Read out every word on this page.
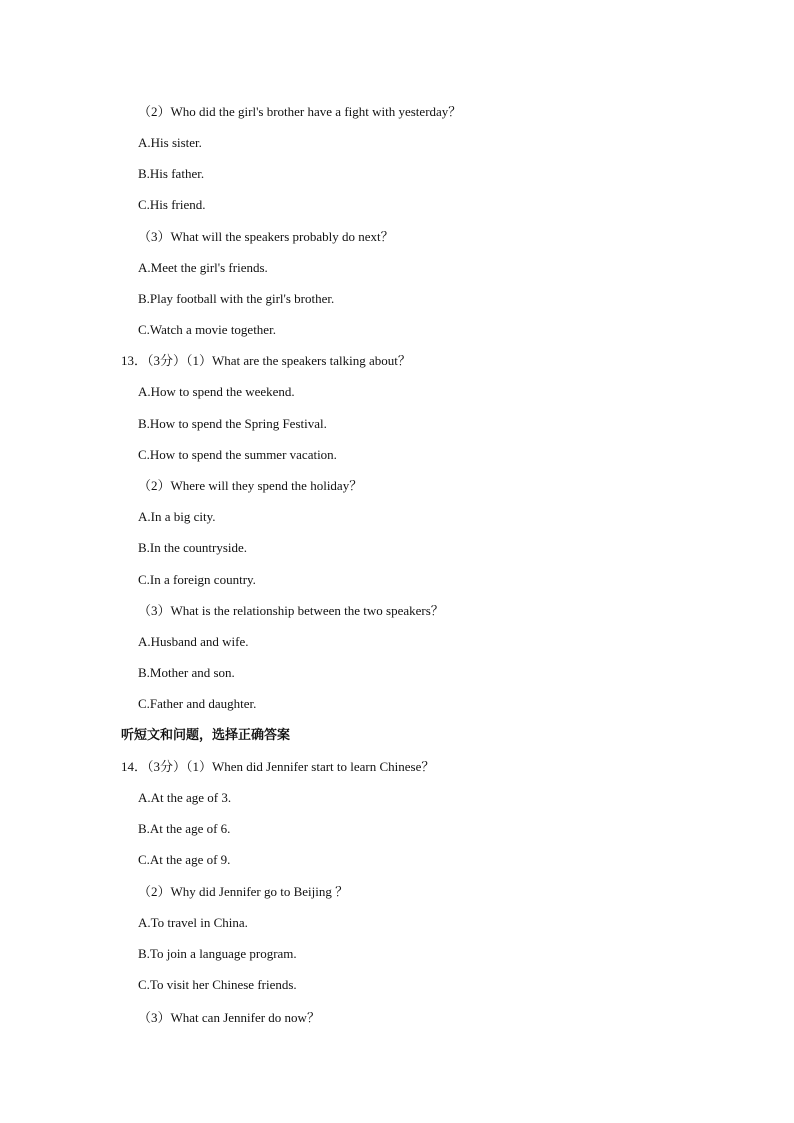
（2）Who did the girl's brother have a fight with yesterday？
A.His sister.
B.His father.
C.His friend.
（3）What will the speakers probably do next？
A.Meet the girl's friends.
B.Play football with the girl's brother.
C.Watch a movie together.
13．（3分）（1）What are the speakers talking about？
A.How to spend the weekend.
B.How to spend the Spring Festival.
C.How to spend the summer vacation.
（2）Where will they spend the holiday？
A.In a big city.
B.In the countryside.
C.In a foreign country.
（3）What is the relationship between the two speakers？
A.Husband and wife.
B.Mother and son.
C.Father and daughter.
听短文和问题，选择正确答案
14．（3分）（1）When did Jennifer start to learn Chinese？
A.At the age of 3.
B.At the age of 6.
C.At the age of 9.
（2）Why did Jennifer go to Beijing ？
A.To travel in China.
B.To join a language program.
C.To visit her Chinese friends.
（3）What can Jennifer do now？
